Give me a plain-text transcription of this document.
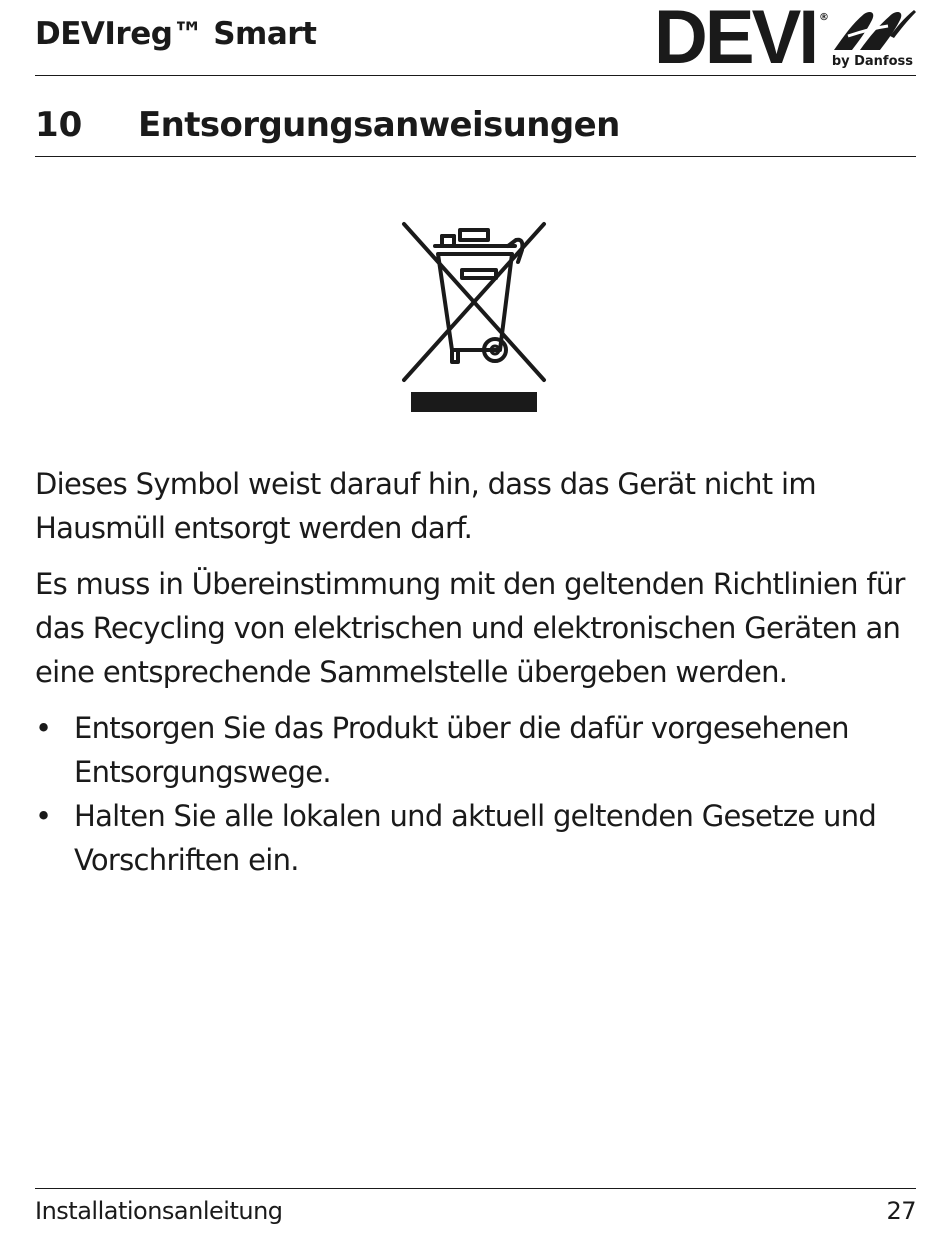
DEVIreg™ Smart	DEVI ®
by Danfoss
10 Entsorgungsanweisungen

Dieses Symbol weist darauf hin, dass das Gerät nicht im Hausmüll entsorgt werden darf.

Es muss in Übereinstimmung mit den geltenden Richtlinien für das Recycling von elektrischen und elektronischen Geräten an eine entsprechende Sammelstelle übergeben werden.

• Entsorgen Sie das Produkt über die dafür vorgesehenen Entsorgungswege.
• Halten Sie alle lokalen und aktuell geltenden Gesetze und Vorschriften ein.
Installationsanleitung	27
